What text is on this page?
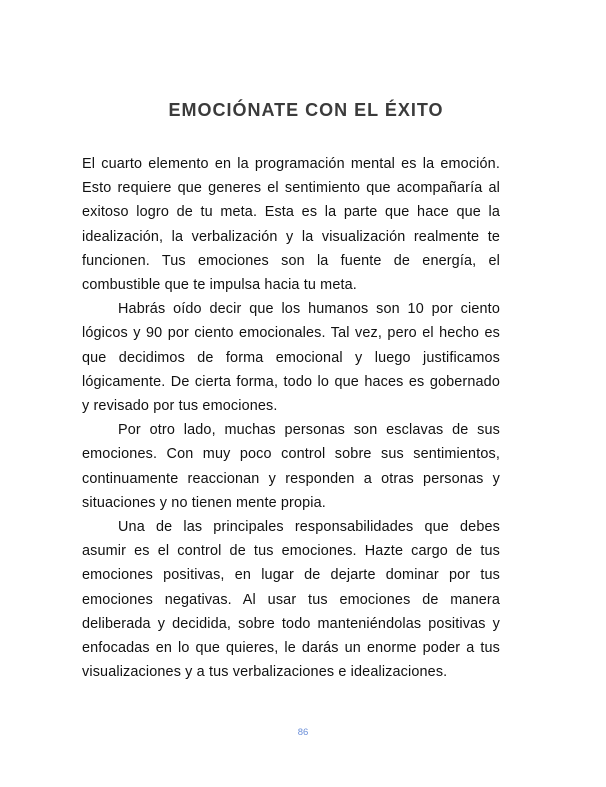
EMOCIÓNATE CON EL ÉXITO

El cuarto elemento en la programación mental es la emoción. Esto requiere que generes el sentimiento que acompañaría al exitoso logro de tu meta. Esta es la parte que hace que la idealización, la verbalización y la visualización realmente te funcionen. Tus emociones son la fuente de energía, el combustible que te impulsa hacia tu meta.

Habrás oído decir que los humanos son 10 por ciento lógicos y 90 por ciento emocionales. Tal vez, pero el hecho es que decidimos de forma emocional y luego justificamos lógicamente. De cierta forma, todo lo que haces es gobernado y revisado por tus emociones.

Por otro lado, muchas personas son esclavas de sus emociones. Con muy poco control sobre sus sentimientos, continuamente reaccionan y responden a otras personas y situaciones y no tienen mente propia.

Una de las principales responsabilidades que debes asumir es el control de tus emociones. Hazte cargo de tus emociones positivas, en lugar de dejarte dominar por tus emociones negativas. Al usar tus emociones de manera deliberada y decidida, sobre todo manteniéndolas positivas y enfocadas en lo que quieres, le darás un enorme poder a tus visualizaciones y a tus verbalizaciones e idealizaciones.

86
